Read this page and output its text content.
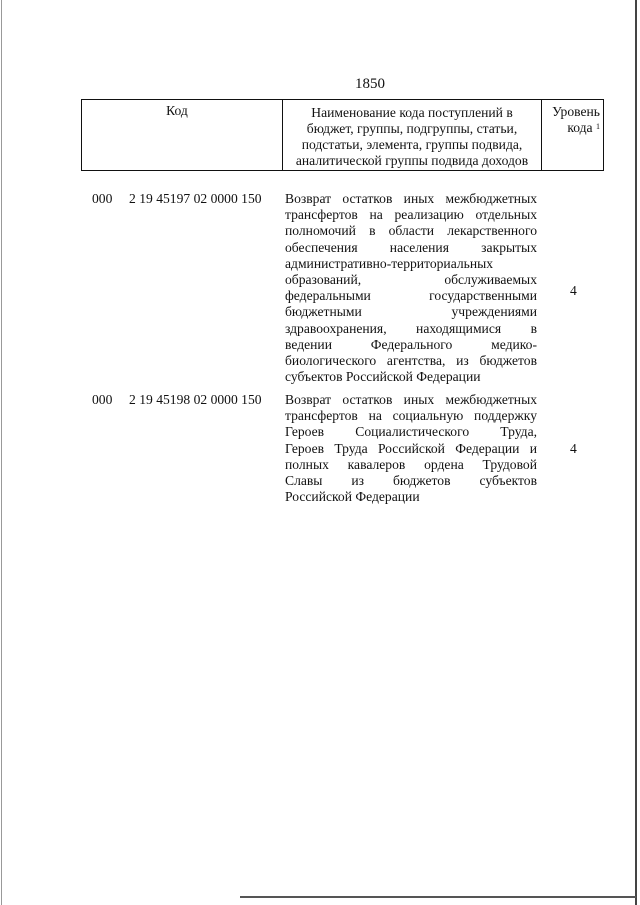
1850
Код	Наименование кода поступлений в
бюджет, группы, подгруппы, статьи,
подстатьи, элемента, группы подвида,
аналитической группы подвида доходов
Уровень
кода $^1$
000 2 19 45197 02 0000 150 Возврат остатков иных межбюджетных
трансфертов на реализацию отдельных
полномочий в области лекарственного
обеспечения населения закрытых
административно-территориальных
образований, обслуживаемых
федеральными государственными
бюджетными учреждениями
здравоохранения, находящимися в
ведении Федерального медико-
биологического агентства, из бюджетов
субъектов Российской Федерации
4
000 2 19 45198 02 0000 150 Возврат остатков иных межбюджетных
трансфертов на социальную поддержку
Героев Социалистического Труда,
Героев Труда Российской Федерации и
полных кавалеров ордена Трудовой
Славы из бюджетов субъектов
Российской Федерации
4
